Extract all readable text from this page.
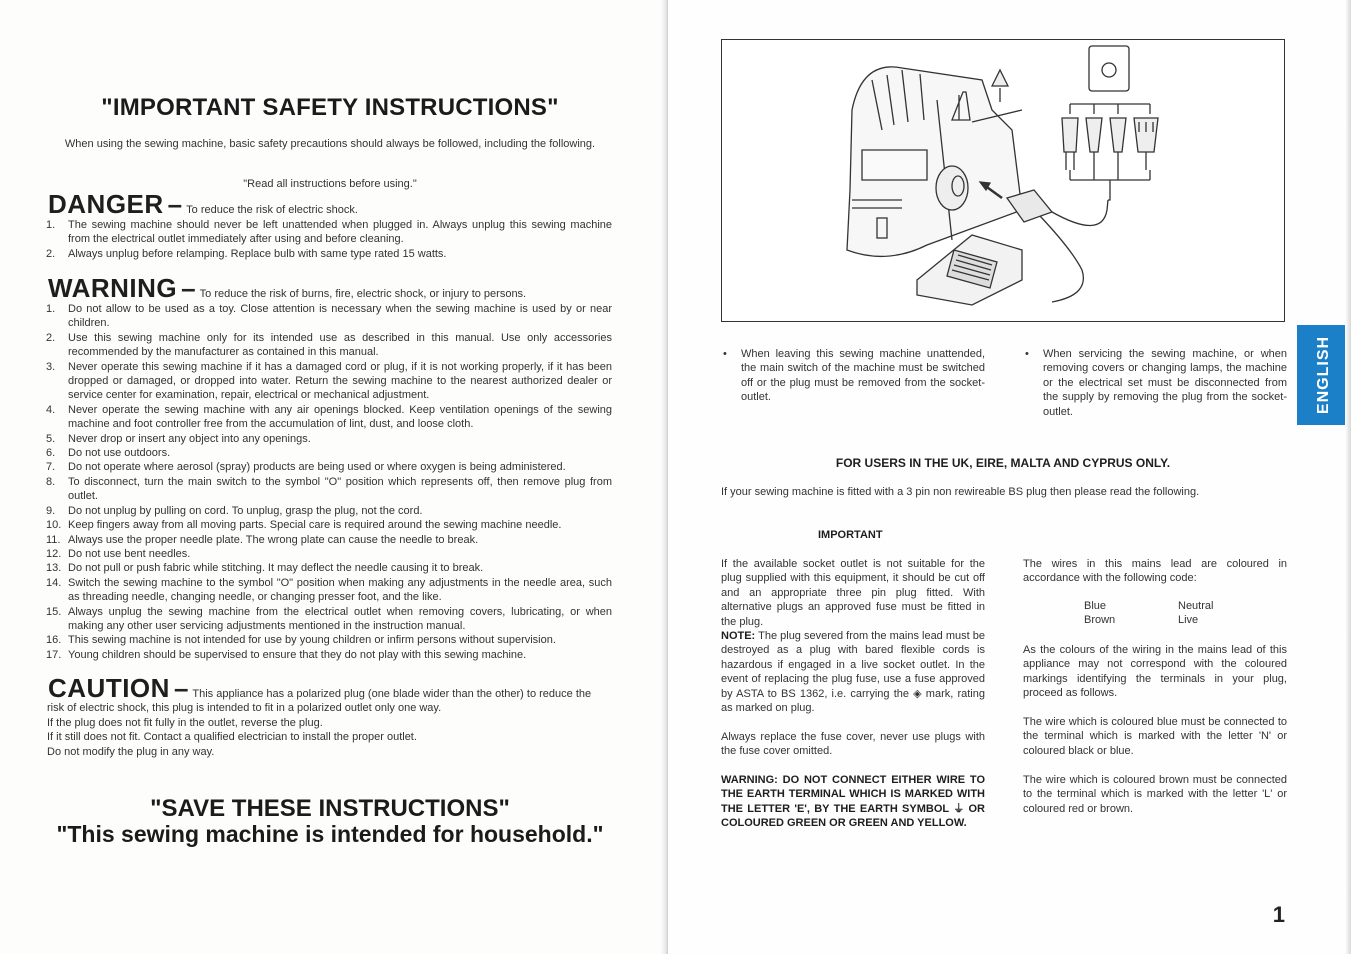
"IMPORTANT SAFETY INSTRUCTIONS"

When using the sewing machine, basic safety precautions should always be followed, including the following.

"Read all instructions before using."

DANGER – To reduce the risk of electric shock.
1.	The sewing machine should never be left unattended when plugged in. Always unplug this sewing machine from the electrical outlet immediately after using and before cleaning.
2.	Always unplug before relamping. Replace bulb with same type rated 15 watts.
WARNING – To reduce the risk of burns, fire, electric shock, or injury to persons.
1.	Do not allow to be used as a toy. Close attention is necessary when the sewing machine is used by or near children.
2.	Use this sewing machine only for its intended use as described in this manual. Use only accessories recommended by the manufacturer as contained in this manual.
3.	Never operate this sewing machine if it has a damaged cord or plug, if it is not working properly, if it has been dropped or damaged, or dropped into water. Return the sewing machine to the nearest authorized dealer or service center for examination, repair, electrical or mechanical adjustment.
4.	Never operate the sewing machine with any air openings blocked. Keep ventilation openings of the sewing machine and foot controller free from the accumulation of lint, dust, and loose cloth.
5.	Never drop or insert any object into any openings.
6.	Do not use outdoors.
7.	Do not operate where aerosol (spray) products are being used or where oxygen is being administered.
8.	To disconnect, turn the main switch to the symbol "O" position which represents off, then remove plug from outlet.
9.	Do not unplug by pulling on cord. To unplug, grasp the plug, not the cord.
10. Keep fingers away from all moving parts. Special care is required around the sewing machine needle.
11. Always use the proper needle plate. The wrong plate can cause the needle to break.
12. Do not use bent needles.
13. Do not pull or push fabric while stitching. It may deflect the needle causing it to break.
14. Switch the sewing machine to the symbol "O" position when making any adjustments in the needle area, such as threading needle, changing needle, or changing presser foot, and the like.
15. Always unplug the sewing machine from the electrical outlet when removing covers, lubricating, or when making any other user servicing adjustments mentioned in the instruction manual.
16. This sewing machine is not intended for use by young children or infirm persons without supervision.
17. Young children should be supervised to ensure that they do not play with this sewing machine.
CAUTION – This appliance has a polarized plug (one blade wider than the other) to reduce the
risk of electric shock, this plug is intended to fit in a polarized outlet only one way.
If the plug does not fit fully in the outlet, reverse the plug.
If it still does not fit. Contact a qualified electrician to install the proper outlet.
Do not modify the plug in any way.
"SAVE THESE INSTRUCTIONS"
"This sewing machine is intended for household."

• When leaving this sewing machine unattended, the main switch of the machine must be switched off or the plug must be removed from the socket-outlet.

• When servicing the sewing machine, or when removing covers or changing lamps, the machine or the electrical set must be disconnected from the supply by removing the plug from the socket-outlet.	ENGLISH

FOR USERS IN THE UK, EIRE, MALTA AND CYPRUS ONLY.

If your sewing machine is fitted with a 3 pin non rewireable BS plug then please read the following.

IMPORTANT

If the available socket outlet is not suitable for the plug supplied with this equipment, it should be cut off and an appropriate three pin plug fitted. With alternative plugs an approved fuse must be fitted in the plug.

NOTE: The plug severed from the mains lead must be destroyed as a plug with bared flexible cords is hazardous if engaged in a live socket outlet. In the event of replacing the plug fuse, use a fuse approved by ASTA to BS 1362, i.e. carrying the ◈ mark, rating as marked on plug.

Always replace the fuse cover, never use plugs with the fuse cover omitted.

WARNING: DO NOT CONNECT EITHER WIRE TO THE EARTH TERMINAL WHICH IS MARKED WITH THE LETTER 'E', BY THE EARTH SYMBOL ⏚ OR COLOURED GREEN OR GREEN AND YELLOW.

The wires in this mains lead are coloured in accordance with the following code:

Blue	Neutral
Brown	Live

As the colours of the wiring in the mains lead of this appliance may not correspond with the coloured markings identifying the terminals in your plug, proceed as follows.

The wire which is coloured blue must be connected to the terminal which is marked with the letter 'N' or coloured black or blue.

The wire which is coloured brown must be connected to the terminal which is marked with the letter 'L' or coloured red or brown.

1
